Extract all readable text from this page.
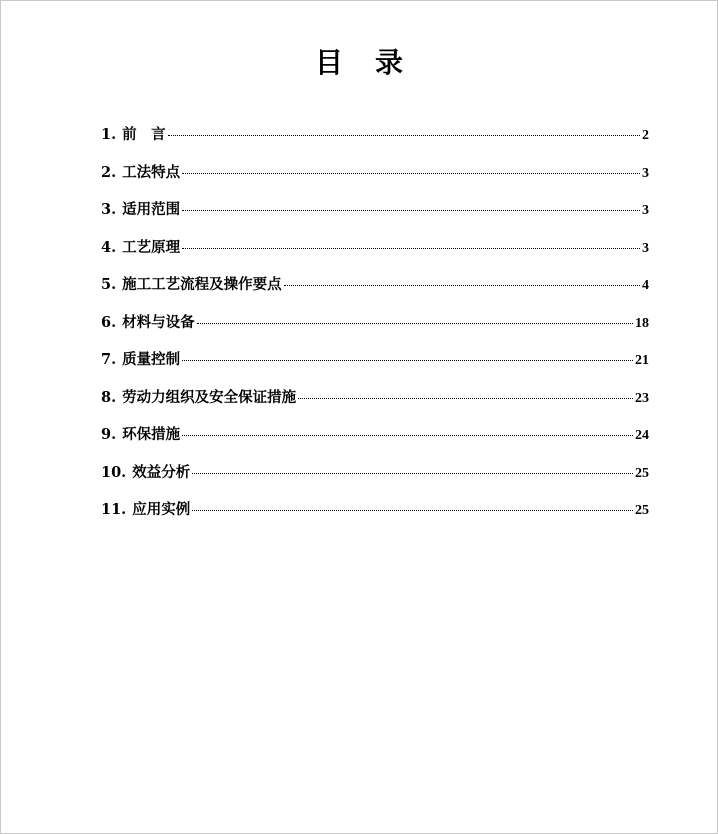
目　录
1. 前　言	2
2. 工法特点	3
3. 适用范围	3
4. 工艺原理	3
5. 施工工艺流程及操作要点	4
6. 材料与设备	18
7. 质量控制	21
8. 劳动力组织及安全保证措施	23
9. 环保措施	24
10. 效益分析	25
11. 应用实例	25
